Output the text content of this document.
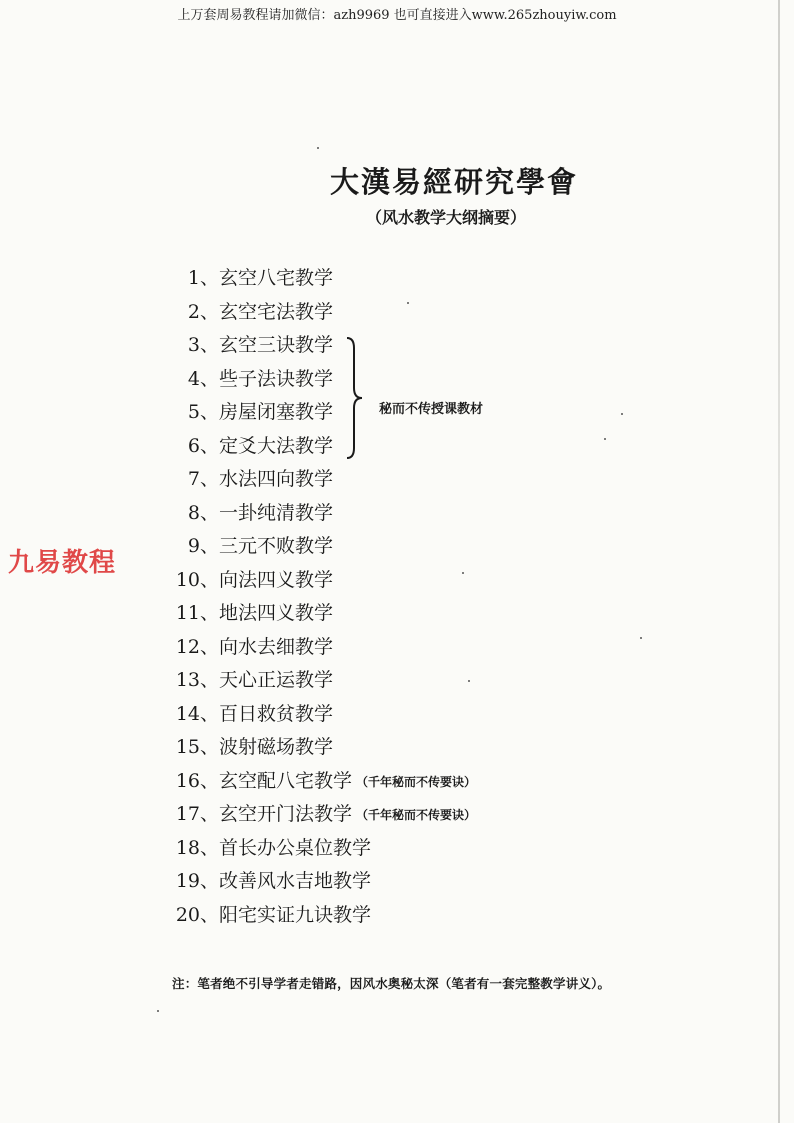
上万套周易教程请加微信：azh9969 也可直接进入www.265zhouyiw.com
大漢易經研究學會
（风水教学大纲摘要）
1、玄空八宅教学
2、玄空宅法教学
3、玄空三诀教学
4、些子法诀教学
5、房屋闭塞教学
6、定爻大法教学
7、水法四向教学
8、一卦纯清教学
9、三元不败教学
10、向法四义教学
11、地法四义教学
12、向水去细教学
13、天心正运教学
14、百日救贫教学
15、波射磁场教学
16、玄空配八宅教学 （千年秘而不传要诀）
17、玄空开门法教学 （千年秘而不传要诀）
18、首长办公桌位教学
19、改善风水吉地教学
20、阳宅实证九诀教学
秘而不传授课教材
九易教程
注：笔者绝不引导学者走错路，因风水奥秘太深（笔者有一套完整教学讲义）。
